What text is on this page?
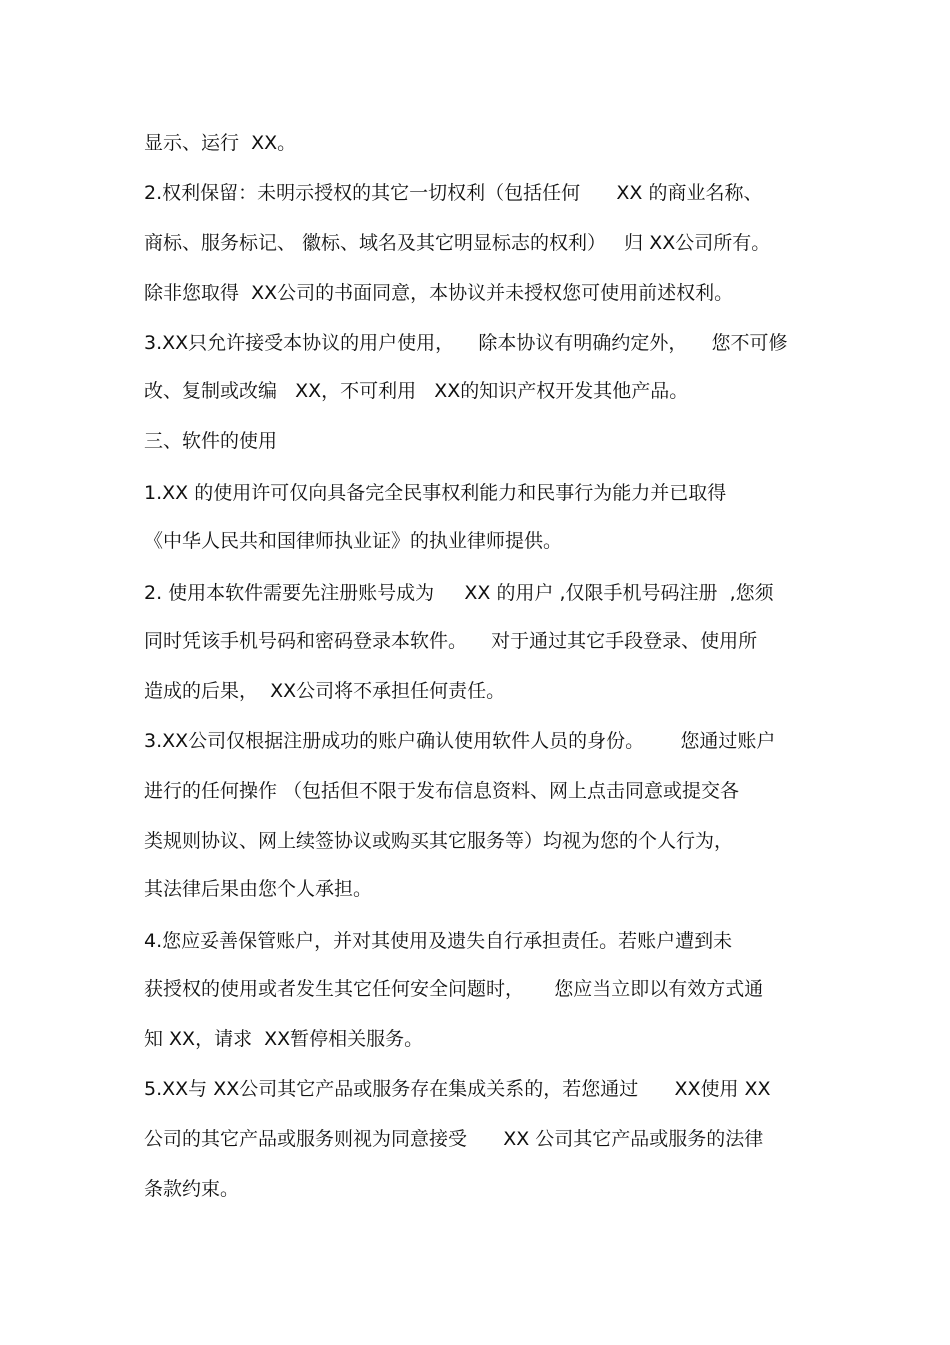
显示、运行  XX。
2.权利保留：未明示授权的其它一切权利（包括任何      XX 的商业名称、
商标、服务标记、 徽标、域名及其它明显标志的权利）   归 XX公司所有。
除非您取得  XX公司的书面同意，本协议并未授权您可使用前述权利。
3.XX只允许接受本协议的用户使用，    除本协议有明确约定外，    您不可修
改、复制或改编   XX，不可利用   XX的知识产权开发其他产品。
三、软件的使用
1.XX 的使用许可仅向具备完全民事权利能力和民事行为能力并已取得
《中华人民共和国律师执业证》的执业律师提供。
2. 使用本软件需要先注册账号成为     XX 的用户 ,仅限手机号码注册  ,您须
同时凭该手机号码和密码登录本软件。    对于通过其它手段登录、使用所
造成的后果，  XX公司将不承担任何责任。
3.XX公司仅根据注册成功的账户确认使用软件人员的身份。      您通过账户
进行的任何操作 （包括但不限于发布信息资料、网上点击同意或提交各
类规则协议、网上续签协议或购买其它服务等）均视为您的个人行为，
其法律后果由您个人承担。
4.您应妥善保管账户，并对其使用及遗失自行承担责任。若账户遭到未
获授权的使用或者发生其它任何安全问题时，     您应当立即以有效方式通
知 XX，请求  XX暂停相关服务。
5.XX与 XX公司其它产品或服务存在集成关系的，若您通过      XX使用 XX
公司的其它产品或服务则视为同意接受      XX 公司其它产品或服务的法律
条款约束。
